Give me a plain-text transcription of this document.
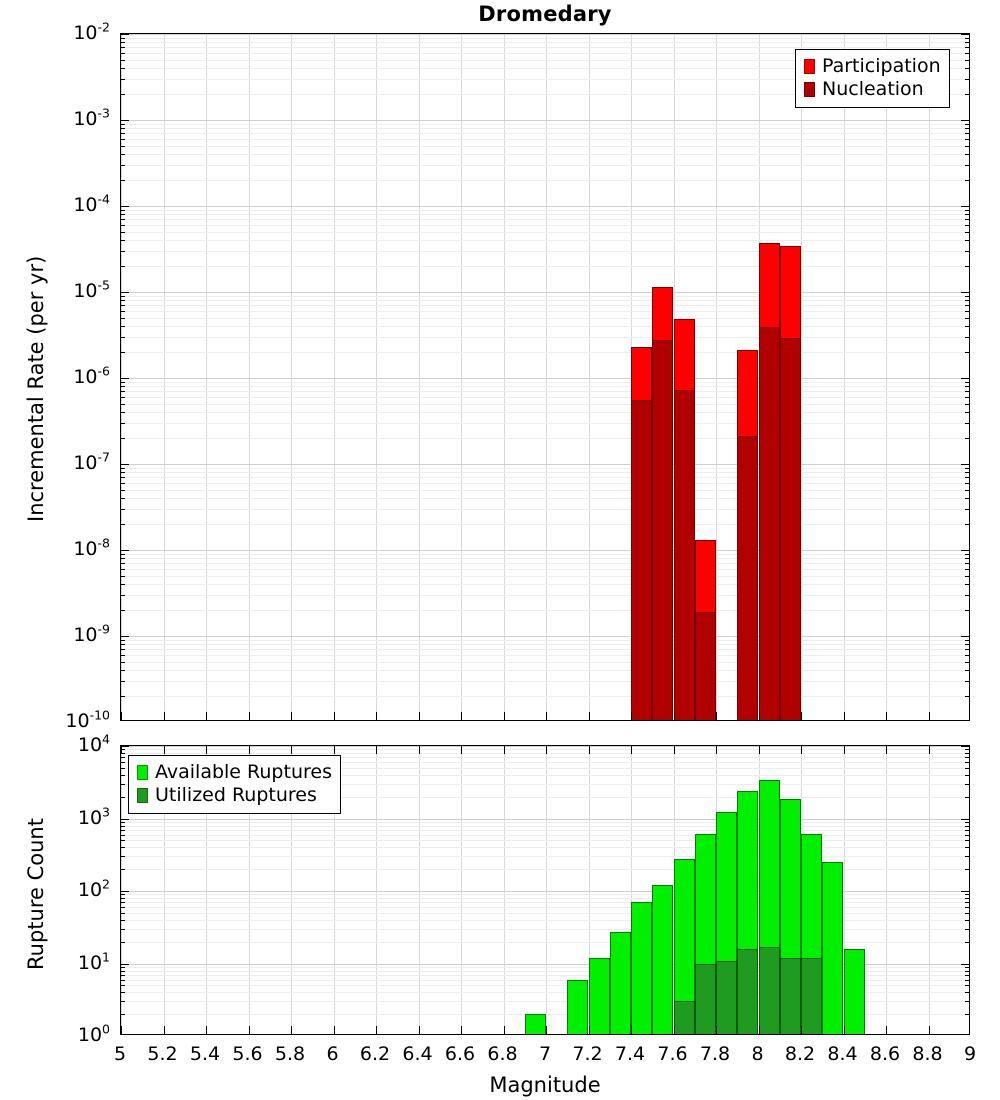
Dromedary
$10^{-2}$
$10^{-3}$
$10^{-4}$
$10^{-5}$
$10^{-6}$
$10^{-7}$
$10^{-8}$
$10^{-9}$
$10^{-10}$
$10^4$
$10^3$
$10^2$
$10^1$
$10^0$
5 5.2 5.4 5.6 5.8 6 6.2 6.4 6.6 6.8 7 7.2 7.4 7.6 7.8 8 8.2 8.4 8.6 8.8 9
Incremental Rate (per yr)
Rupture Count
Magnitude
Participation
Nucleation
Available Ruptures
Utilized Ruptures
